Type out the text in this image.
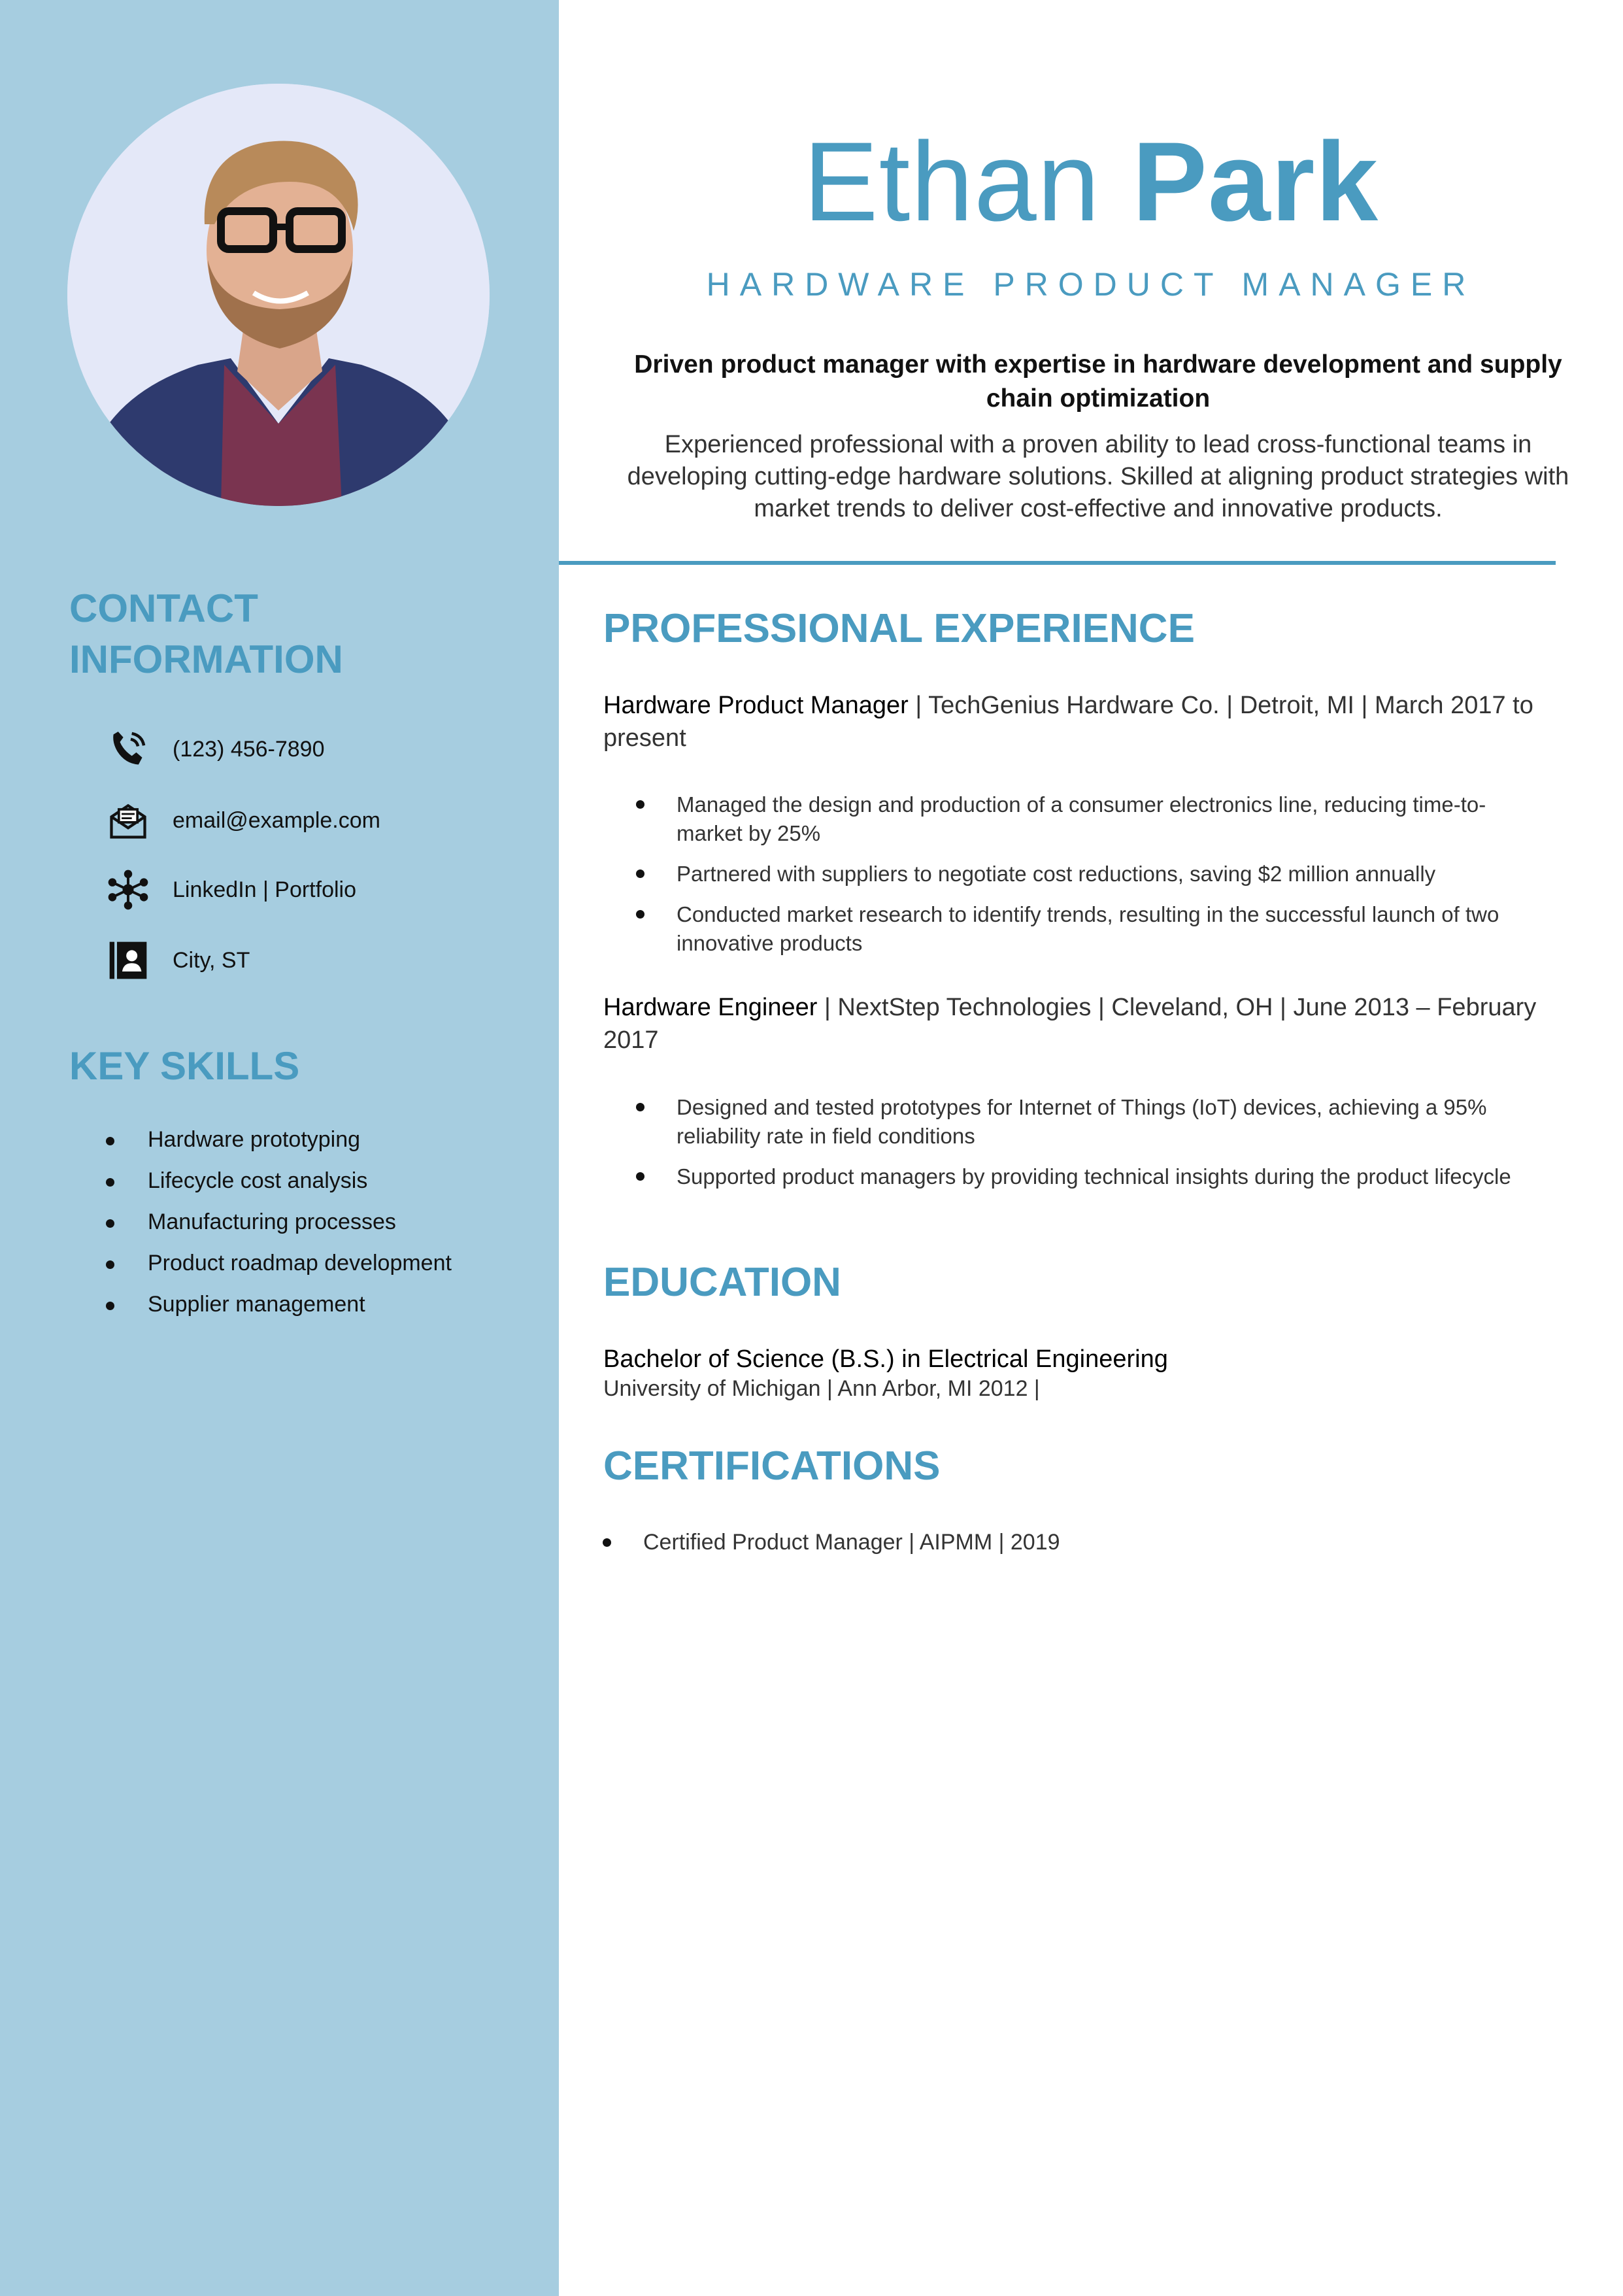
CONTACT
INFORMATION
(123) 456-7890
email@example.com
LinkedIn | Portfolio
City, ST
KEY SKILLS
Hardware prototyping
Lifecycle cost analysis
Manufacturing processes
Product roadmap development
Supplier management
Ethan Park
HARDWARE PRODUCT MANAGER
Driven product manager with expertise in hardware development and supply chain optimization
Experienced professional with a proven ability to lead cross-functional teams in developing cutting-edge hardware solutions. Skilled at aligning product strategies with market trends to deliver cost-effective and innovative products.
PROFESSIONAL EXPERIENCE
Hardware Product Manager | TechGenius Hardware Co. | Detroit, MI | March 2017 to present
Managed the design and production of a consumer electronics line, reducing time-to-market by 25%
Partnered with suppliers to negotiate cost reductions, saving $2 million annually
Conducted market research to identify trends, resulting in the successful launch of two innovative products
Hardware Engineer | NextStep Technologies | Cleveland, OH | June 2013 – February 2017
Designed and tested prototypes for Internet of Things (IoT) devices, achieving a 95% reliability rate in field conditions
Supported product managers by providing technical insights during the product lifecycle
EDUCATION
Bachelor of Science (B.S.) in Electrical Engineering
University of Michigan | Ann Arbor, MI 2012 |
CERTIFICATIONS
Certified Product Manager | AIPMM | 2019
